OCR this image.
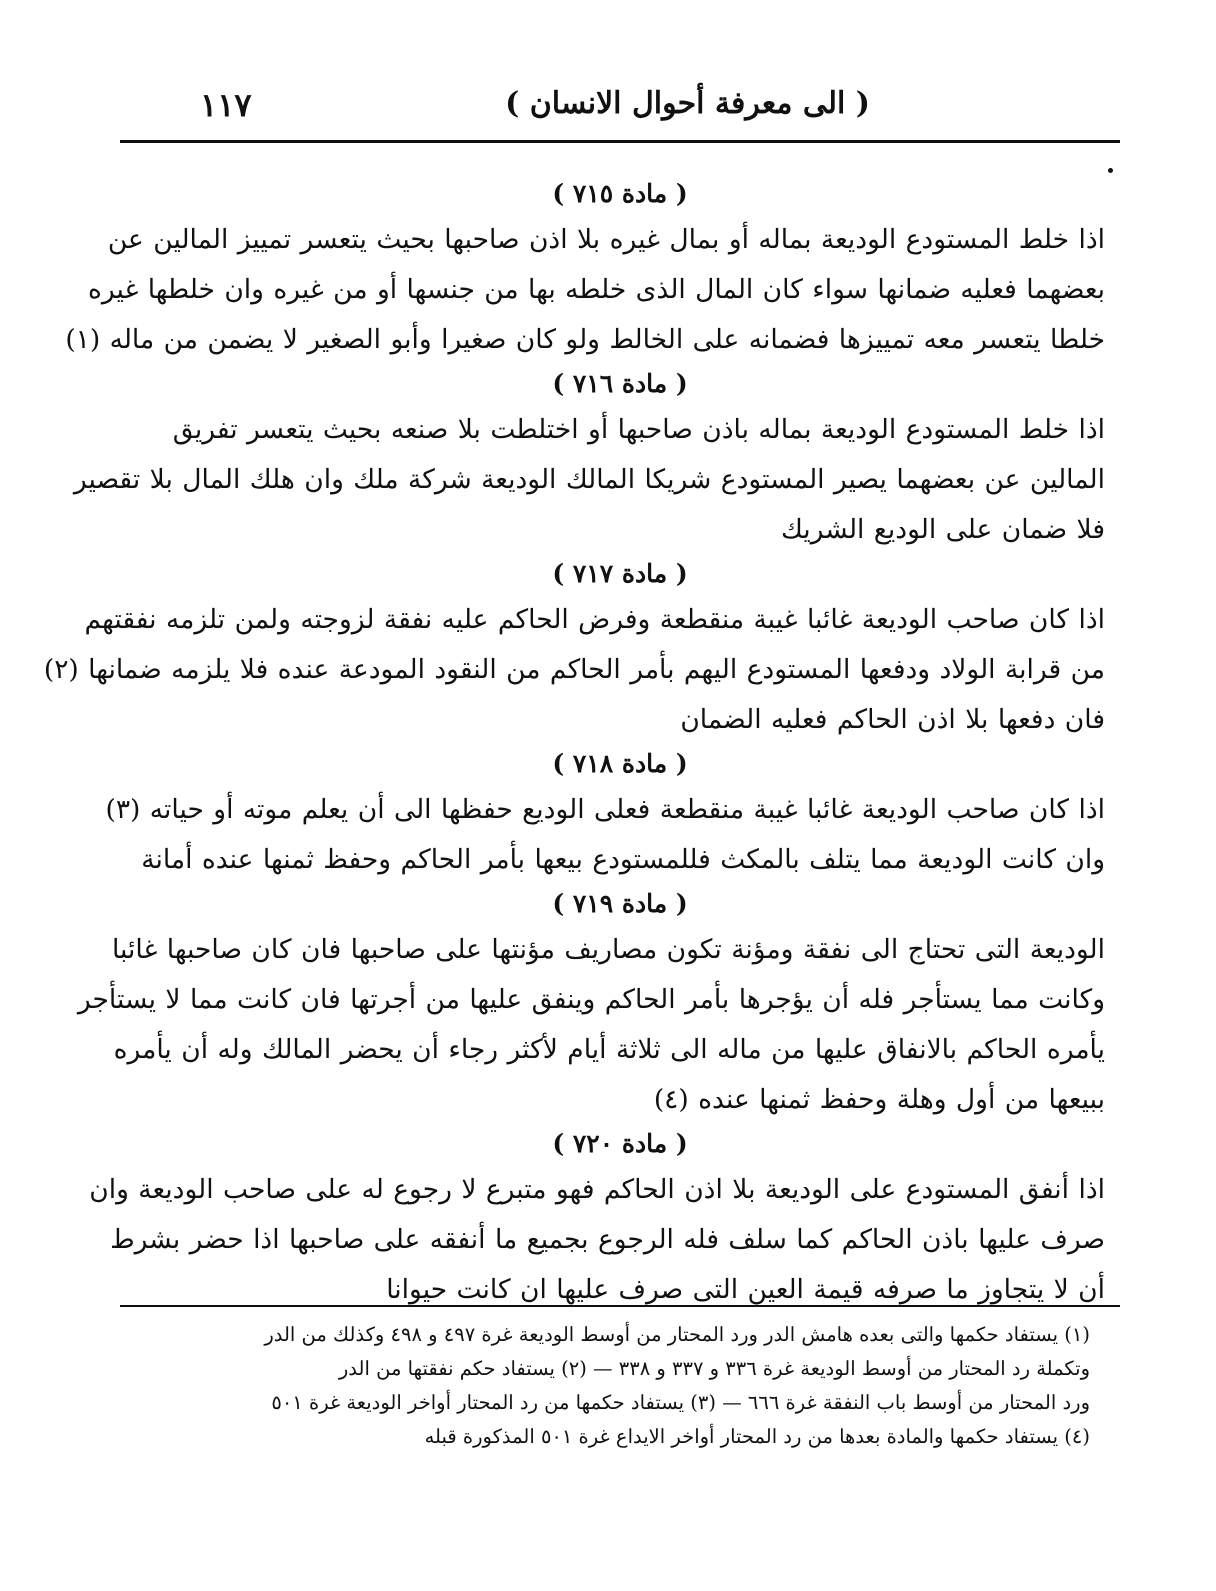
( الى معرفة أحوال الانسان )
١١٧
( مادة ٧١٥ )
اذا خلط المستودع الوديعة بماله أو بمال غيره بلا اذن صاحبها بحيث يتعسر تمييز المالين عن
بعضهما فعليه ضمانها سواء كان المال الذى خلطه بها من جنسها أو من غيره وان خلطها غيره
خلطا يتعسر معه تمييزها فضمانه على الخالط ولو كان صغيرا وأبو الصغير لا يضمن من ماله (١)
( مادة ٧١٦ )
اذا خلط المستودع الوديعة بماله باذن صاحبها أو اختلطت بلا صنعه بحيث يتعسر تفريق
المالين عن بعضهما يصير المستودع شريكا المالك الوديعة شركة ملك وان هلك المال بلا تقصير
فلا ضمان على الوديع الشريك
( مادة ٧١٧ )
اذا كان صاحب الوديعة غائبا غيبة منقطعة وفرض الحاكم عليه نفقة لزوجته ولمن تلزمه نفقتهم
من قرابة الولاد ودفعها المستودع اليهم بأمر الحاكم من النقود المودعة عنده فلا يلزمه ضمانها (٢)
فان دفعها بلا اذن الحاكم فعليه الضمان
( مادة ٧١٨ )
اذا كان صاحب الوديعة غائبا غيبة منقطعة فعلى الوديع حفظها الى أن يعلم موته أو حياته (٣)
وان كانت الوديعة مما يتلف بالمكث فللمستودع بيعها بأمر الحاكم وحفظ ثمنها عنده أمانة
( مادة ٧١٩ )
الوديعة التى تحتاج الى نفقة ومؤنة تكون مصاريف مؤنتها على صاحبها فان كان صاحبها غائبا
وكانت مما يستأجر فله أن يؤجرها بأمر الحاكم وينفق عليها من أجرتها فان كانت مما لا يستأجر
يأمره الحاكم بالانفاق عليها من ماله الى ثلاثة أيام لأكثر رجاء أن يحضر المالك وله أن يأمره
ببيعها من أول وهلة وحفظ ثمنها عنده (٤)
( مادة ٧٢٠ )
اذا أنفق المستودع على الوديعة بلا اذن الحاكم فهو متبرع لا رجوع له على صاحب الوديعة وان
صرف عليها باذن الحاكم كما سلف فله الرجوع بجميع ما أنفقه على صاحبها اذا حضر بشرط
أن لا يتجاوز ما صرفه قيمة العين التى صرف عليها ان كانت حيوانا
(١) يستفاد حكمها والتى بعده هامش الدر ورد المحتار من أوسط الوديعة غرة ٤٩٧ و ٤٩٨ وكذلك من الدر
وتكملة رد المحتار من أوسط الوديعة غرة ٣٣٦ و ٣٣٧ و ٣٣٨ — (٢) يستفاد حكم نفقتها من الدر
ورد المحتار من أوسط باب النفقة غرة ٦٦٦ — (٣) يستفاد حكمها من رد المحتار أواخر الوديعة غرة ٥٠١
(٤) يستفاد حكمها والمادة بعدها من رد المحتار أواخر الايداع غرة ٥٠١ المذكورة قبله
